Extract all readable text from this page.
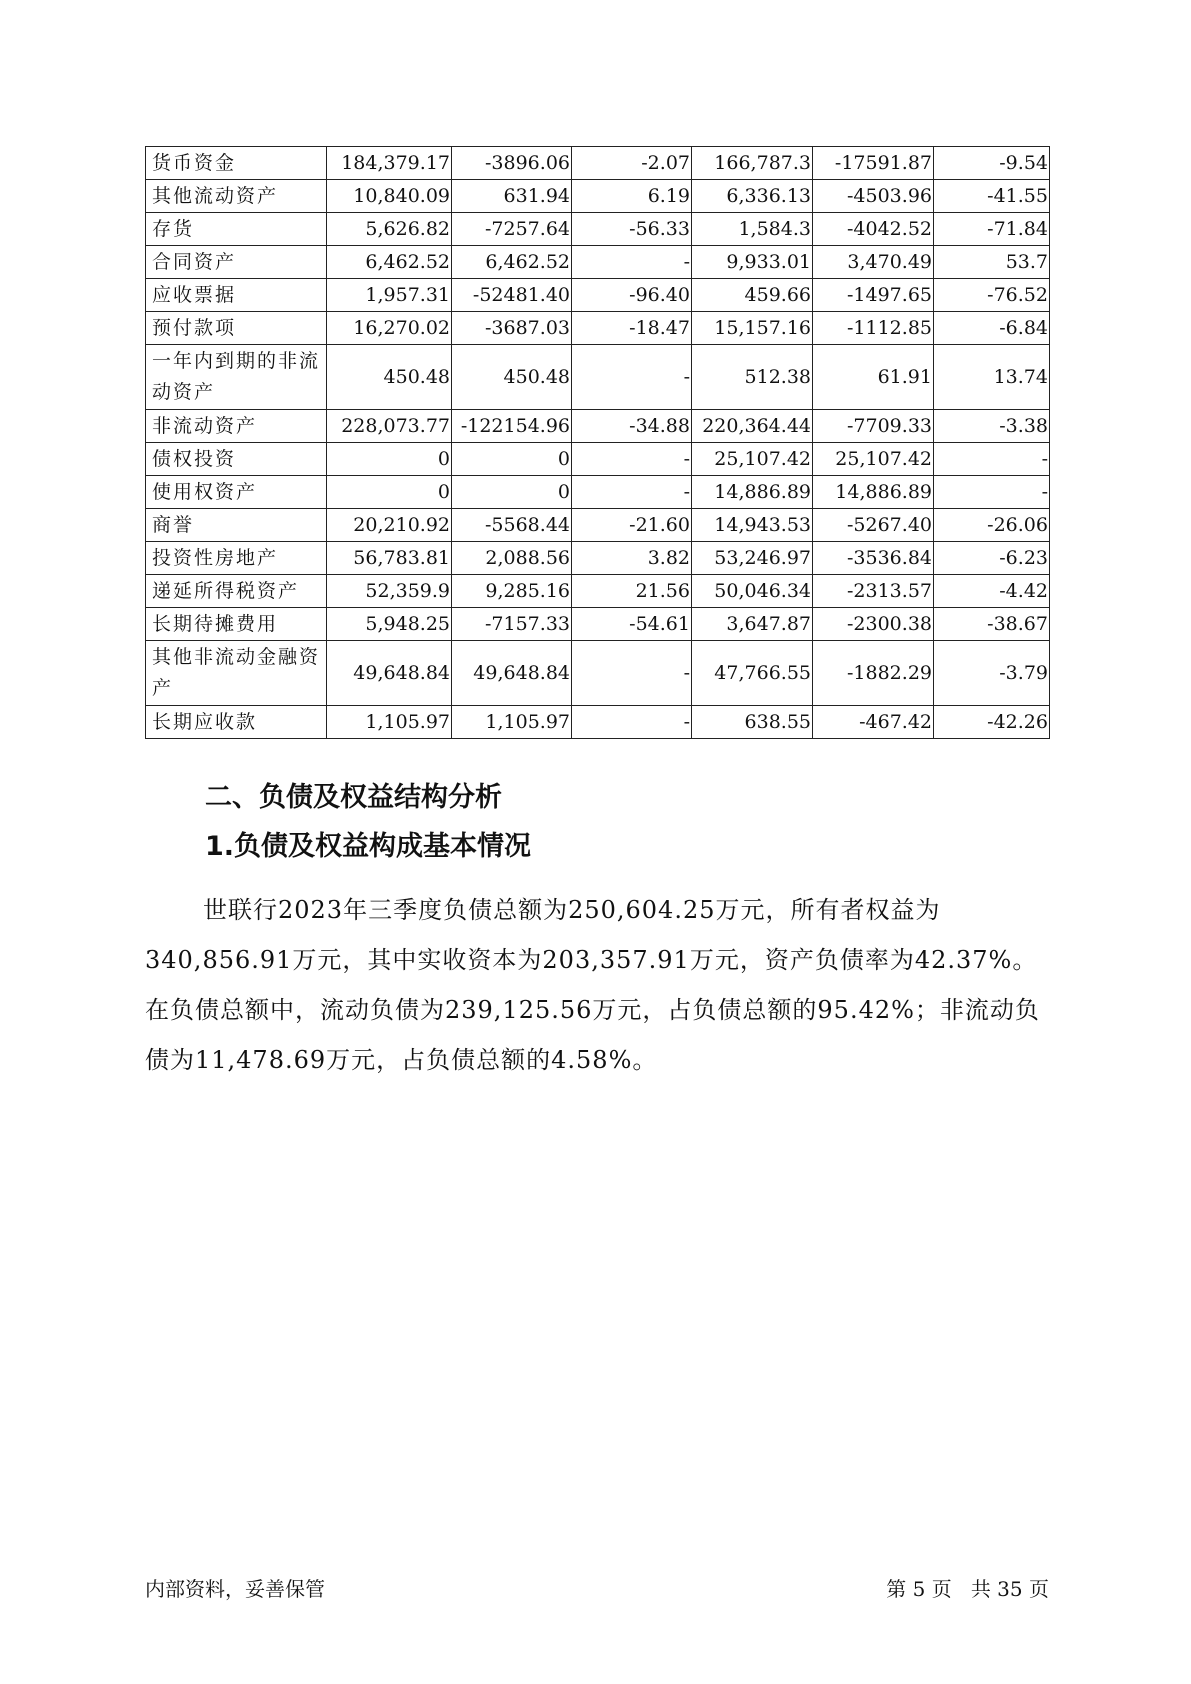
货币资金	184,379.17	-3896.06	-2.07	166,787.3	-17591.87	-9.54
其他流动资产	10,840.09	631.94	6.19	6,336.13	-4503.96	-41.55
存货	5,626.82	-7257.64	-56.33	1,584.3	-4042.52	-71.84
合同资产	6,462.52	6,462.52	-	9,933.01	3,470.49	53.7
应收票据	1,957.31	-52481.40	-96.40	459.66	-1497.65	-76.52
预付款项	16,270.02	-3687.03	-18.47	15,157.16	-1112.85	-6.84
一年内到期的非流动资产	450.48	450.48	-	512.38	61.91	13.74
非流动资产	228,073.77	-122154.96	-34.88	220,364.44	-7709.33	-3.38
债权投资	0	0	-	25,107.42	25,107.42	-
使用权资产	0	0	-	14,886.89	14,886.89	-
商誉	20,210.92	-5568.44	-21.60	14,943.53	-5267.40	-26.06
投资性房地产	56,783.81	2,088.56	3.82	53,246.97	-3536.84	-6.23
递延所得税资产	52,359.9	9,285.16	21.56	50,046.34	-2313.57	-4.42
长期待摊费用	5,948.25	-7157.33	-54.61	3,647.87	-2300.38	-38.67
其他非流动金融资产	49,648.84	49,648.84	-	47,766.55	-1882.29	-3.79
长期应收款	1,105.97	1,105.97	-	638.55	-467.42	-42.26
二、负债及权益结构分析
1.负债及权益构成基本情况

世联行2023年三季度负债总额为250,604.25万元，所有者权益为340,856.91万元，其中实收资本为203,357.91万元，资产负债率为42.37%。在负债总额中，流动负债为239,125.56万元，占负债总额的95.42%；非流动负债为11,478.69万元，占负债总额的4.58%。

内部资料，妥善保管	第 5 页 共 35 页
